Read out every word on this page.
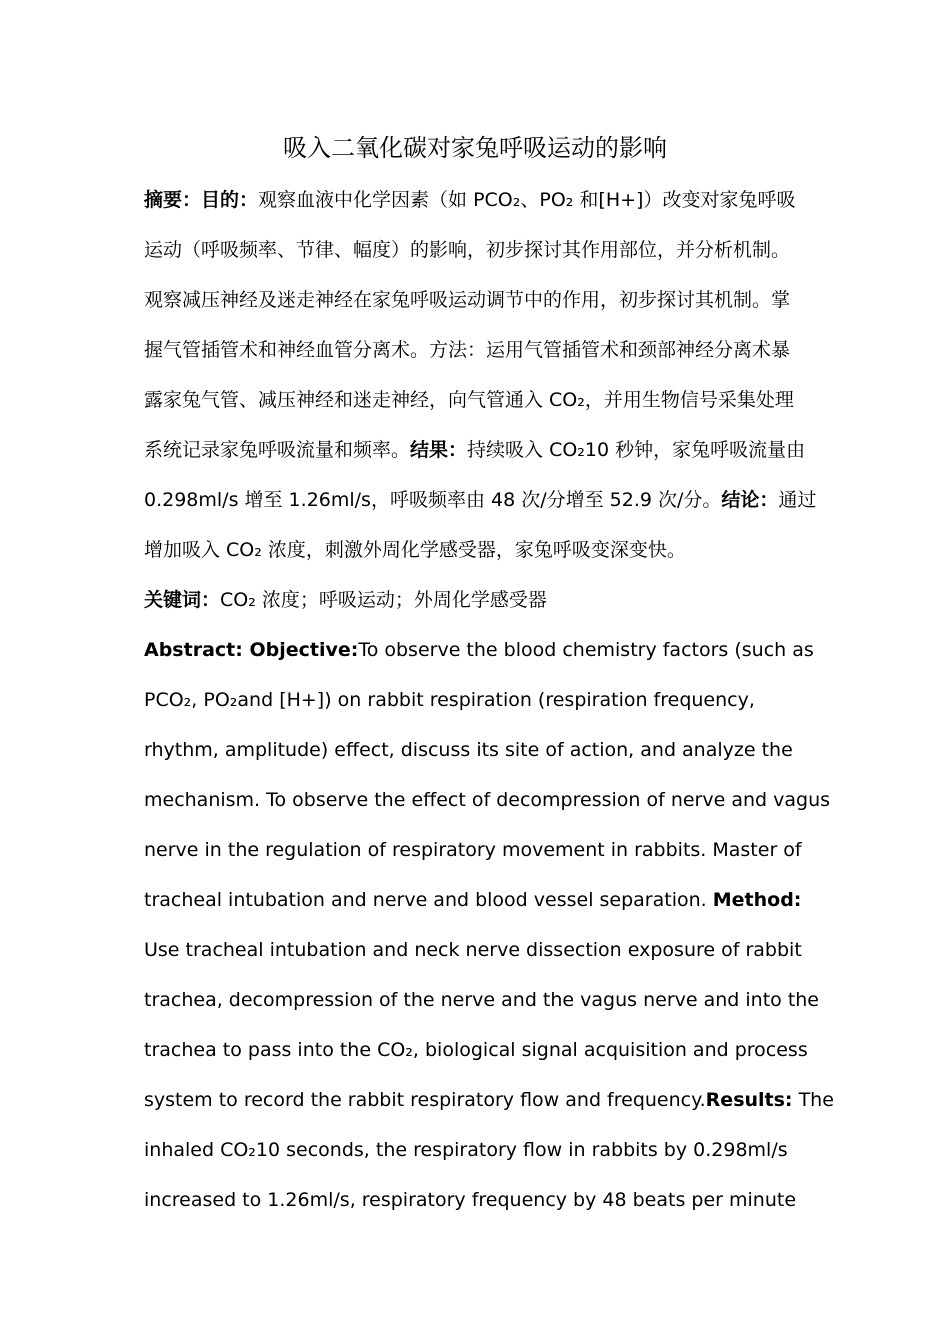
吸入二氧化碳对家兔呼吸运动的影响
摘要：目的：观察血液中化学因素（如 PCO₂、PO₂ 和[H+]）改变对家兔呼吸
运动（呼吸频率、节律、幅度）的影响，初步探讨其作用部位，并分析机制。
观察减压神经及迷走神经在家兔呼吸运动调节中的作用，初步探讨其机制。掌
握气管插管术和神经血管分离术。方法：运用气管插管术和颈部神经分离术暴
露家兔气管、减压神经和迷走神经，向气管通入 CO₂，并用生物信号采集处理
系统记录家兔呼吸流量和频率。结果：持续吸入 CO₂10 秒钟，家兔呼吸流量由
0.298ml/s 增至 1.26ml/s，呼吸频率由 48 次/分增至 52.9 次/分。结论：通过
增加吸入 CO₂ 浓度，刺激外周化学感受器，家兔呼吸变深变快。
关键词：CO₂ 浓度；呼吸运动；外周化学感受器
Abstract: Objective:To observe the blood chemistry factors (such as
PCO₂, PO₂and [H+]) on rabbit respiration (respiration frequency,
rhythm, amplitude) effect, discuss its site of action, and analyze the
mechanism. To observe the effect of decompression of nerve and vagus
nerve in the regulation of respiratory movement in rabbits. Master of
tracheal intubation and nerve and blood vessel separation. Method:
Use tracheal intubation and neck nerve dissection exposure of rabbit
trachea, decompression of the nerve and the vagus nerve and into the
trachea to pass into the CO₂, biological signal acquisition and process
system to record the rabbit respiratory flow and frequency.Results: The
inhaled CO₂10 seconds, the respiratory flow in rabbits by 0.298ml/s
increased to 1.26ml/s, respiratory frequency by 48 beats per minute
